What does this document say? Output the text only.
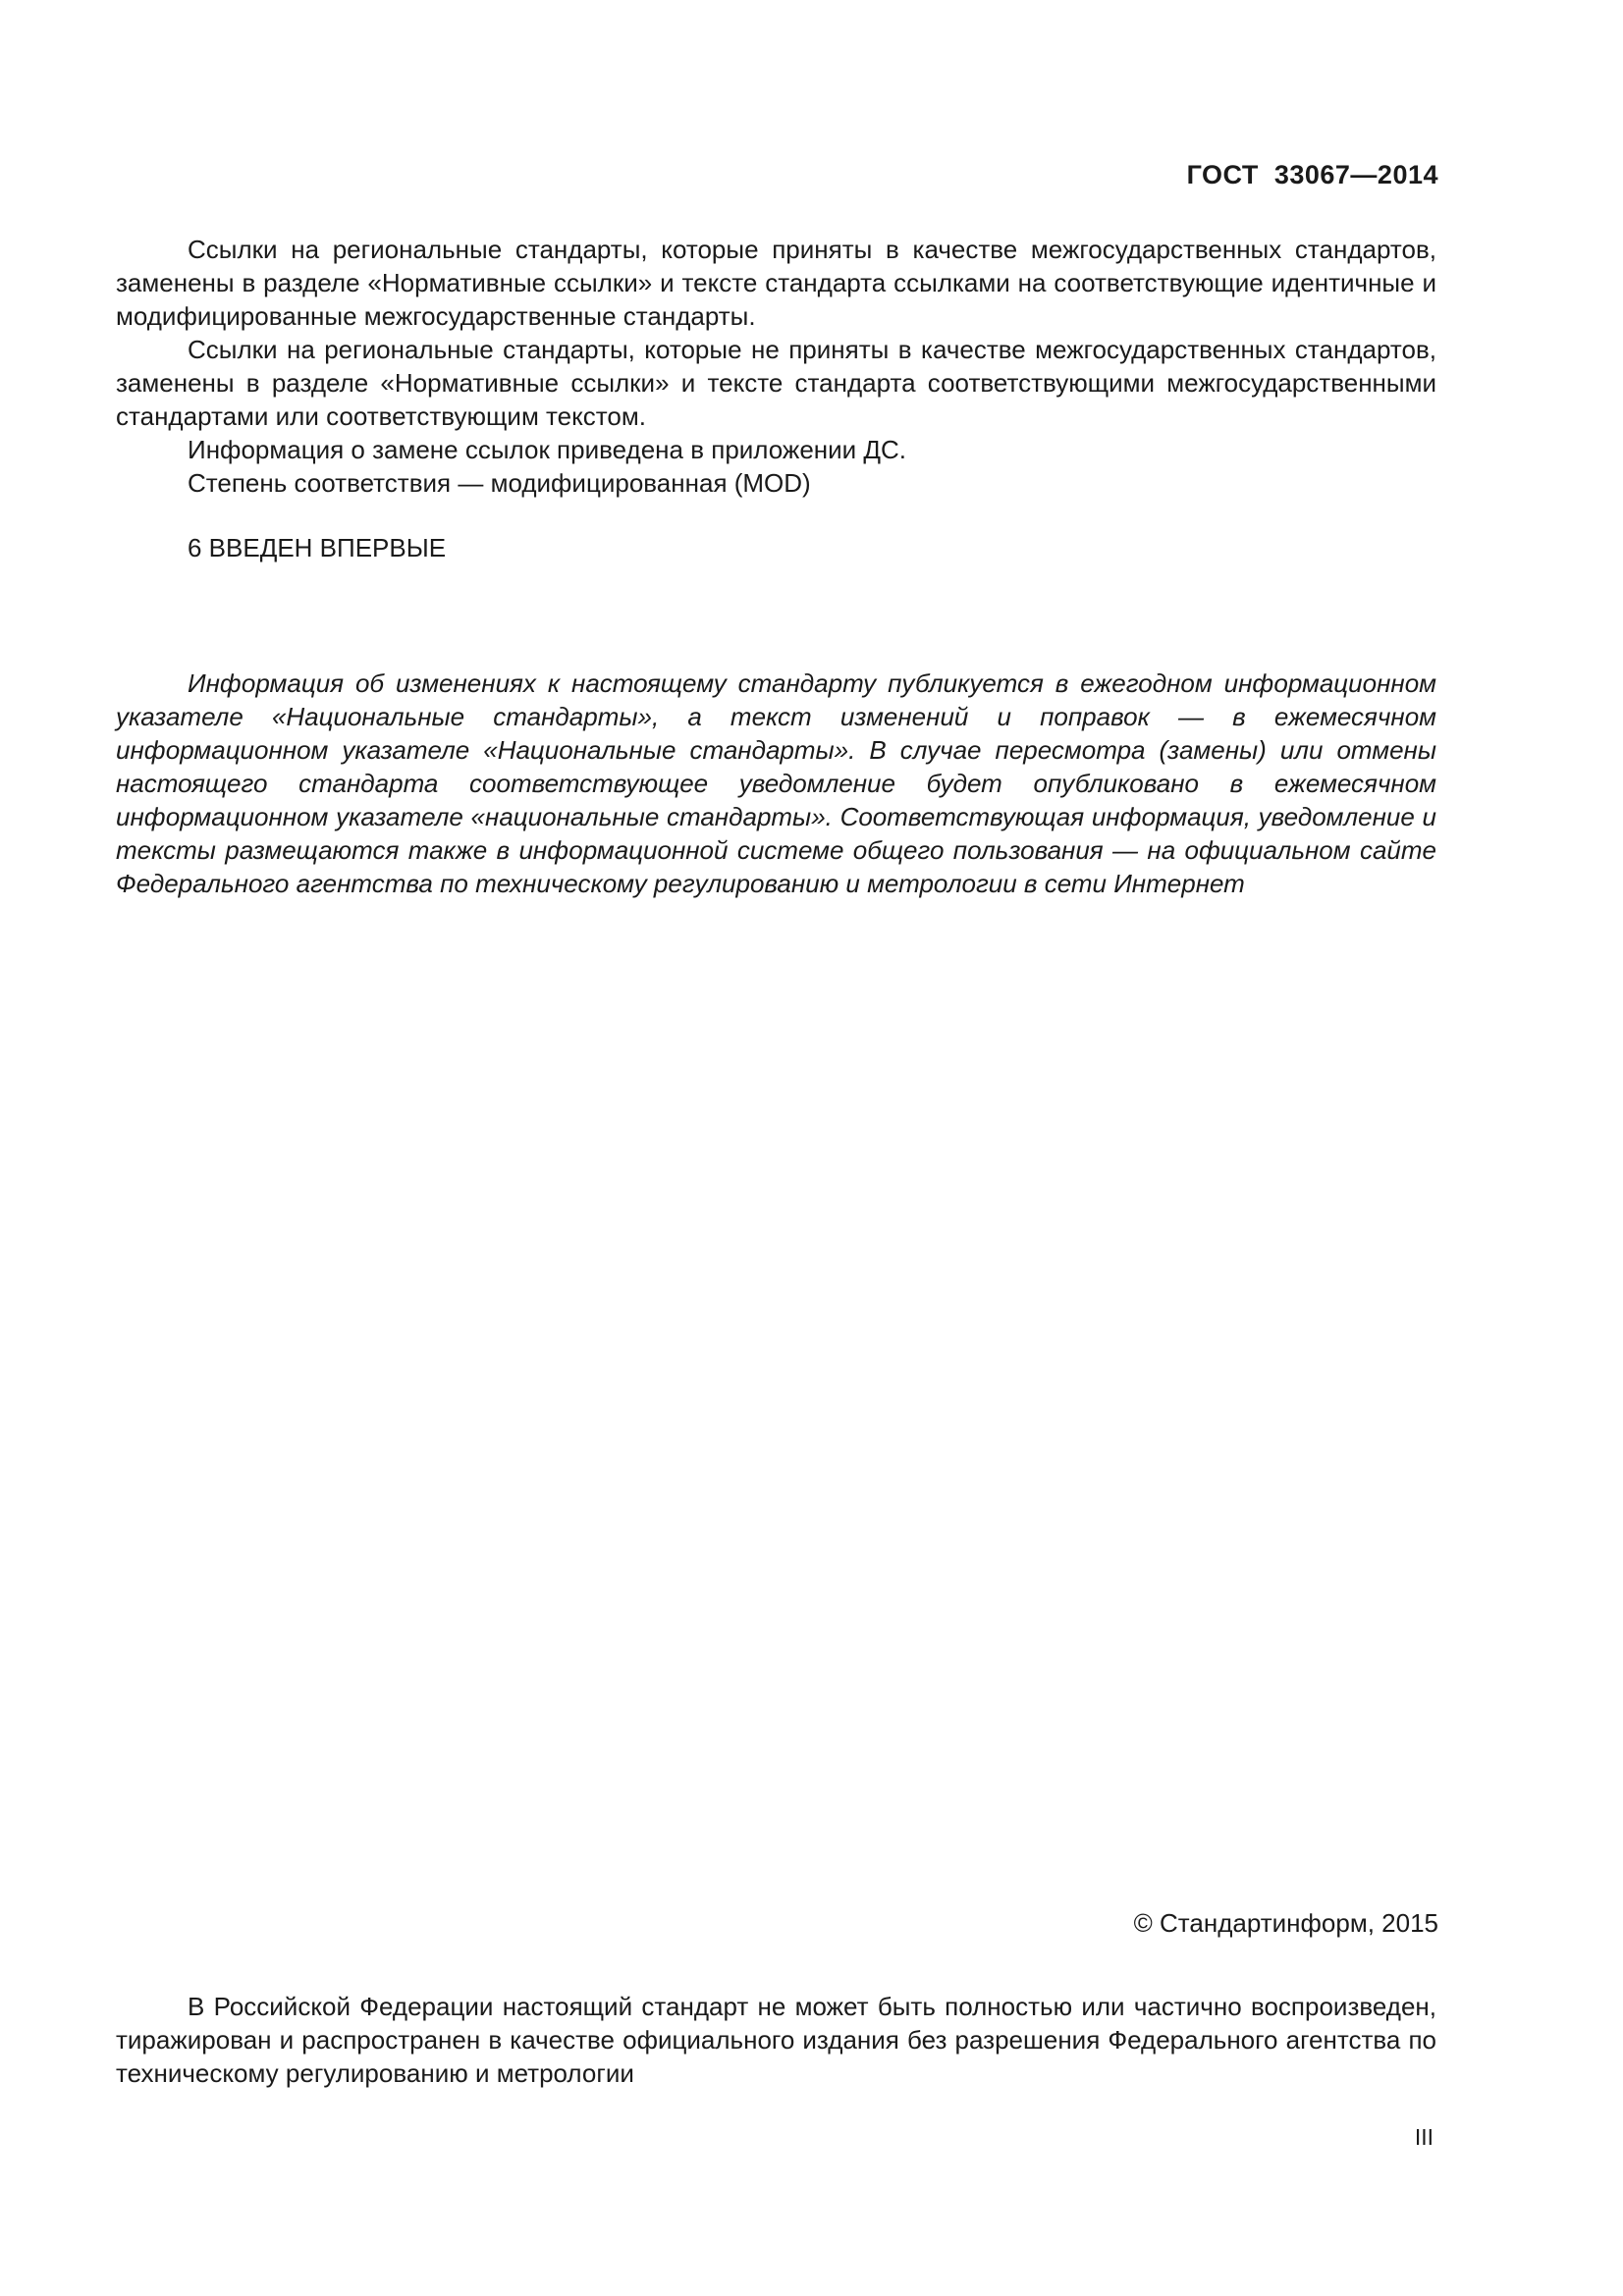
ГОСТ  33067—2014

Ссылки на региональные стандарты, которые приняты в качестве межгосударственных стандартов, заменены в разделе «Нормативные ссылки» и тексте стандарта ссылками на соответствующие идентичные и модифицированные межгосударственные стандарты.

Ссылки на региональные стандарты, которые не приняты в качестве межгосударственных стандартов, заменены в разделе «Нормативные ссылки» и тексте стандарта соответствующими межгосударственными стандартами или соответствующим текстом.

Информация о замене ссылок приведена в приложении ДС.

Степень соответствия — модифицированная (MOD)

6 ВВЕДЕН ВПЕРВЫЕ

Информация об изменениях к настоящему стандарту публикуется в ежегодном информационном указателе «Национальные стандарты», а текст изменений и поправок — в ежемесячном информационном указателе «Национальные стандарты». В случае пересмотра (замены) или отмены настоящего стандарта соответствующее уведомление будет опубликовано в ежемесячном информационном указателе «национальные стандарты». Соответствующая информация, уведомление и тексты размещаются также в информационной системе общего пользования — на официальном сайте Федерального агентства по техническому регулированию и метрологии в сети Интернет

© Стандартинформ, 2015

В Российской Федерации настоящий стандарт не может быть полностью или частично воспроизведен, тиражирован и распространен в качестве официального издания без разрешения Федерального агентства по техническому регулированию и метрологии

III
